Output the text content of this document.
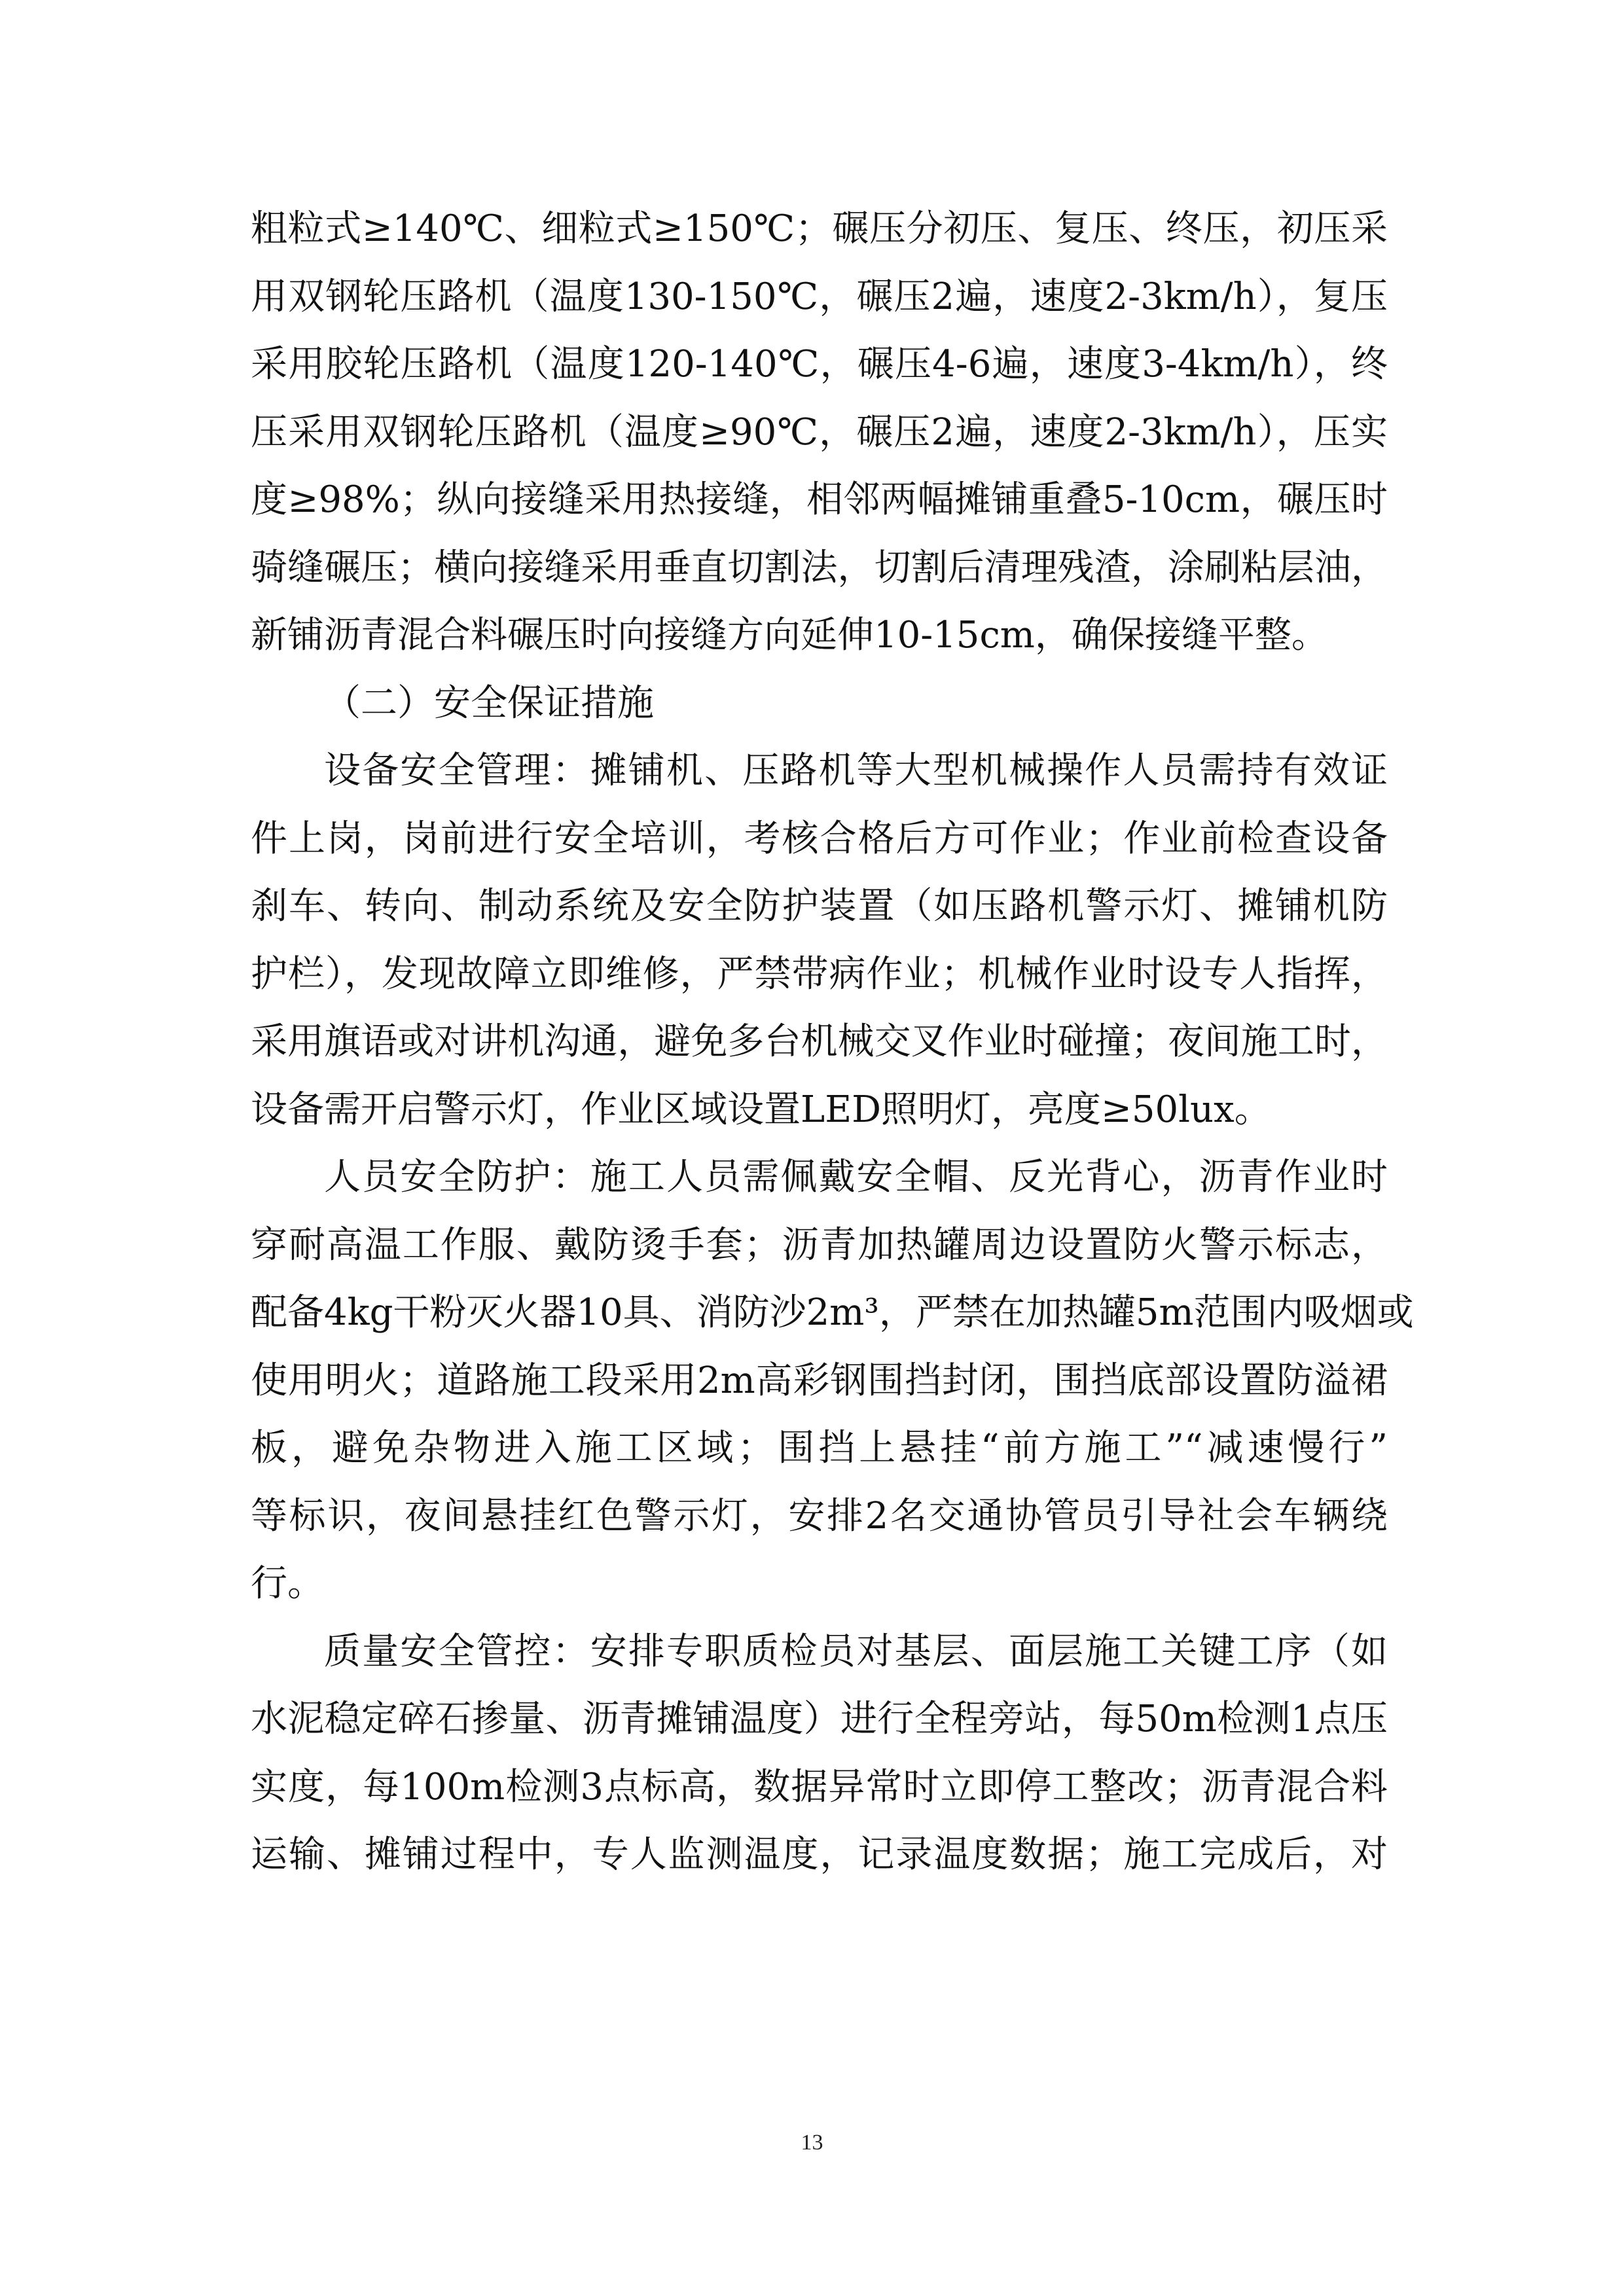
粗粒式≥140℃、细粒式≥150℃；碾压分初压、复压、终压，初压采
用双钢轮压路机（温度130-150℃，碾压2遍，速度2-3km/h），复压
采用胶轮压路机（温度120-140℃，碾压4-6遍，速度3-4km/h），终
压采用双钢轮压路机（温度≥90℃，碾压2遍，速度2-3km/h），压实
度≥98%；纵向接缝采用热接缝，相邻两幅摊铺重叠5-10cm，碾压时
骑缝碾压；横向接缝采用垂直切割法，切割后清理残渣，涂刷粘层油，
新铺沥青混合料碾压时向接缝方向延伸10-15cm，确保接缝平整。
（二）安全保证措施
设备安全管理：摊铺机、压路机等大型机械操作人员需持有效证
件上岗，岗前进行安全培训，考核合格后方可作业；作业前检查设备
刹车、转向、制动系统及安全防护装置（如压路机警示灯、摊铺机防
护栏），发现故障立即维修，严禁带病作业；机械作业时设专人指挥，
采用旗语或对讲机沟通，避免多台机械交叉作业时碰撞；夜间施工时，
设备需开启警示灯，作业区域设置LED照明灯，亮度≥50lux。
人员安全防护：施工人员需佩戴安全帽、反光背心，沥青作业时
穿耐高温工作服、戴防烫手套；沥青加热罐周边设置防火警示标志，
配备4kg干粉灭火器10具、消防沙2m³，严禁在加热罐5m范围内吸烟或
使用明火；道路施工段采用2m高彩钢围挡封闭，围挡底部设置防溢裙
板，避免杂物进入施工区域；围挡上悬挂“前方施工”“减速慢行”
等标识，夜间悬挂红色警示灯，安排2名交通协管员引导社会车辆绕
行。
质量安全管控：安排专职质检员对基层、面层施工关键工序（如
水泥稳定碎石掺量、沥青摊铺温度）进行全程旁站，每50m检测1点压
实度，每100m检测3点标高，数据异常时立即停工整改；沥青混合料
运输、摊铺过程中，专人监测温度，记录温度数据；施工完成后，对
13
